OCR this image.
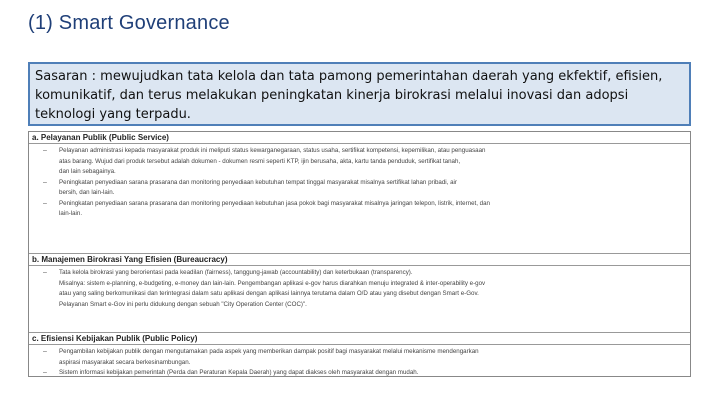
(1) Smart Governance
Sasaran : mewujudkan tata kelola dan tata pamong pemerintahan daerah yang ekfektif, efisien, komunikatif, dan terus melakukan peningkatan kinerja birokrasi melalui inovasi dan adopsi teknologi yang terpadu.
a. Pelayanan Publik (Public Service)
– Pelayanan administrasi kepada masyarakat produk ini meliputi status kewarganegaraan, status usaha, sertifikat kompetensi, kepemilikan, atau penguasaan
atas barang. Wujud dari produk tersebut adalah dokumen - dokumen resmi seperti KTP, ijin berusaha, akta, kartu tanda penduduk, sertifikat tanah,
dan lain sebagainya.
– Peningkatan penyediaan sarana prasarana dan monitoring penyediaan kebutuhan tempat tinggal masyarakat misalnya sertifikat lahan pribadi, air
bersih, dan lain-lain.
– Peningkatan penyediaan sarana prasarana dan monitoring penyediaan kebutuhan jasa pokok bagi masyarakat misalnya jaringan telepon, listrik, internet, dan
lain-lain.
b. Manajemen Birokrasi Yang Efisien (Bureaucracy)
– Tata kelola birokrasi yang berorientasi pada keadilan (fairness), tanggung-jawab (accountability) dan keterbukaan (transparency).
Misalnya: sistem e-planning, e-budgeting, e-money dan lain-lain. Pengembangan aplikasi e-gov harus diarahkan menuju integrated & inter-operability e-gov
atau yang saling berkomunikasi dan terintegrasi dalam satu aplikasi dengan aplikasi lainnya terutama dalam O/D atau yang disebut dengan Smart e-Gov.
Pelayanan Smart e-Gov ini perlu didukung dengan sebuah "City Operation Center (COC)".
c. Efisiensi Kebijakan Publik (Public Policy)
– Pengambilan kebijakan publik dengan mengutamakan pada aspek yang memberikan dampak positif bagi masyarakat melalui mekanisme mendengarkan
aspirasi masyarakat secara berkesinambungan.
– Sistem informasi kebijakan pemerintah (Perda dan Peraturan Kepala Daerah) yang dapat diakses oleh masyarakat dengan mudah.
